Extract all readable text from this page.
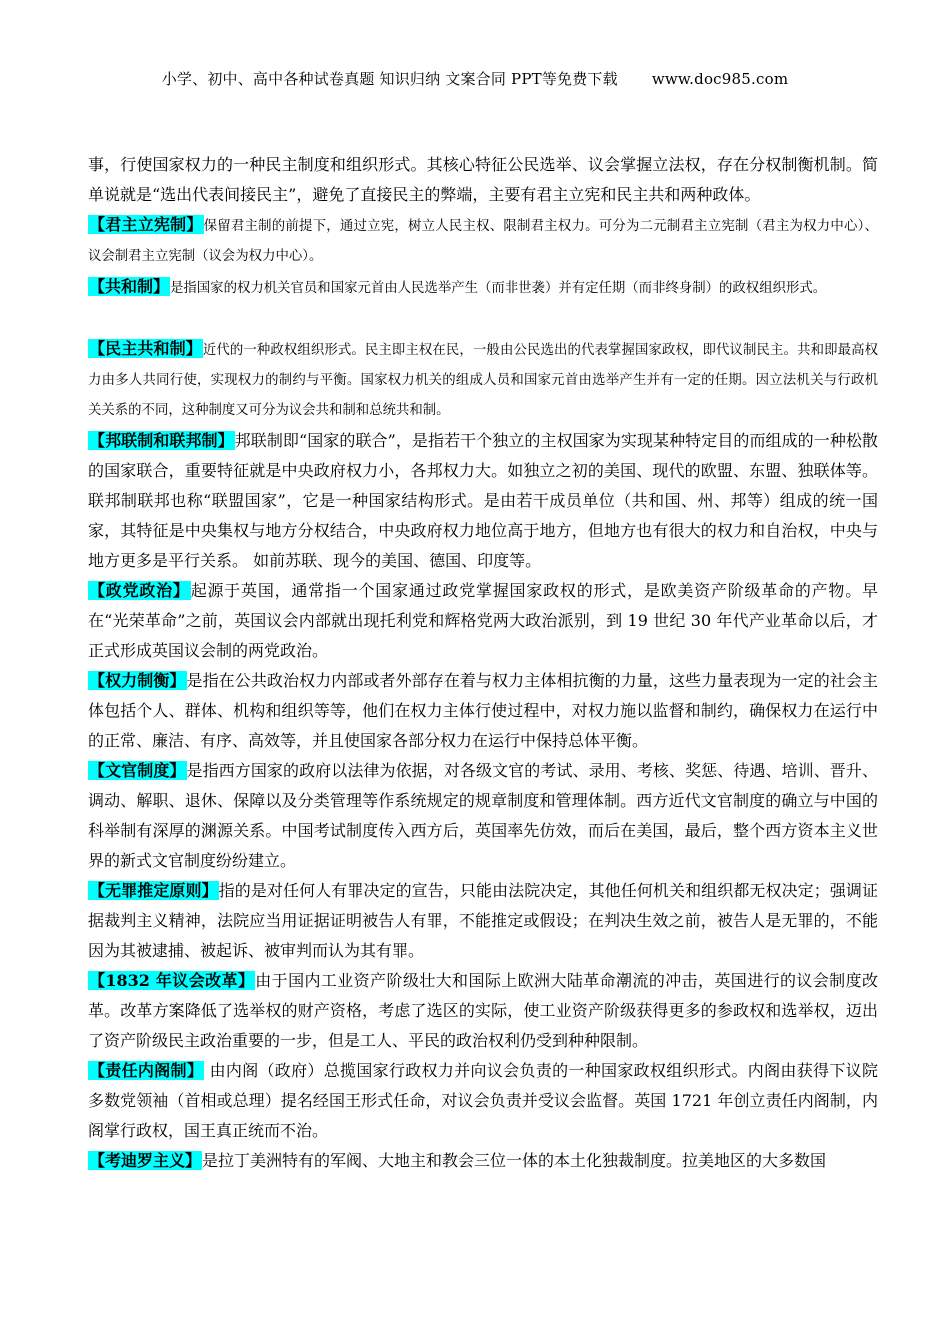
小学、初中、高中各种试卷真题 知识归纳 文案合同 PPT等免费下载 www.doc985.com

事，行使国家权力的一种民主制度和组织形式。其核心特征公民选举、议会掌握立法权，存在分权制衡机制。简单说就是“选出代表间接民主”，避免了直接民主的弊端，主要有君主立宪和民主共和两种政体。

【君主立宪制】保留君主制的前提下，通过立宪，树立人民主权、限制君主权力。可分为二元制君主立宪制（君主为权力中心）、议会制君主立宪制（议会为权力中心）。

【共和制】是指国家的权力机关官员和国家元首由人民选举产生（而非世袭）并有定任期（而非终身制）的政权组织形式。

【民主共和制】近代的一种政权组织形式。民主即主权在民，一般由公民选出的代表掌握国家政权，即代议制民主。共和即最高权力由多人共同行使，实现权力的制约与平衡。国家权力机关的组成人员和国家元首由选举产生并有一定的任期。因立法机关与行政机关关系的不同，这种制度又可分为议会共和制和总统共和制。

【邦联制和联邦制】邦联制即“国家的联合”，是指若干个独立的主权国家为实现某种特定目的而组成的一种松散的国家联合，重要特征就是中央政府权力小，各邦权力大。如独立之初的美国、现代的欧盟、东盟、独联体等。联邦制联邦也称“联盟国家”，它是一种国家结构形式。是由若干成员单位（共和国、州、邦等）组成的统一国家，其特征是中央集权与地方分权结合，中央政府权力地位高于地方，但地方也有很大的权力和自治权，中央与地方更多是平行关系。 如前苏联、现今的美国、德国、印度等。

【政党政治】起源于英国，通常指一个国家通过政党掌握国家政权的形式，是欧美资产阶级革命的产物。早在“光荣革命”之前，英国议会内部就出现托利党和辉格党两大政治派别，到 19 世纪 30 年代产业革命以后，才正式形成英国议会制的两党政治。

【权力制衡】是指在公共政治权力内部或者外部存在着与权力主体相抗衡的力量，这些力量表现为一定的社会主体包括个人、群体、机构和组织等等，他们在权力主体行使过程中，对权力施以监督和制约，确保权力在运行中的正常、廉洁、有序、高效等，并且使国家各部分权力在运行中保持总体平衡。

【文官制度】是指西方国家的政府以法律为依据，对各级文官的考试、录用、考核、奖惩、待遇、培训、晋升、调动、解职、退休、保障以及分类管理等作系统规定的规章制度和管理体制。西方近代文官制度的确立与中国的科举制有深厚的渊源关系。中国考试制度传入西方后，英国率先仿效，而后在美国，最后，整个西方资本主义世界的新式文官制度纷纷建立。

【无罪推定原则】指的是对任何人有罪决定的宣告，只能由法院决定，其他任何机关和组织都无权决定；强调证据裁判主义精神，法院应当用证据证明被告人有罪，不能推定或假设；在判决生效之前，被告人是无罪的，不能因为其被逮捕、被起诉、被审判而认为其有罪。

【1832 年议会改革】由于国内工业资产阶级壮大和国际上欧洲大陆革命潮流的冲击，英国进行的议会制度改革。改革方案降低了选举权的财产资格，考虑了选区的实际，使工业资产阶级获得更多的参政权和选举权，迈出了资产阶级民主政治重要的一步，但是工人、平民的政治权利仍受到种种限制。

【责任内阁制】 由内阁（政府）总揽国家行政权力并向议会负责的一种国家政权组织形式。内阁由获得下议院多数党领袖（首相或总理）提名经国王形式任命，对议会负责并受议会监督。英国 1721 年创立责任内阁制，内阁掌行政权，国王真正统而不治。

【考迪罗主义】是拉丁美洲特有的军阀、大地主和教会三位一体的本土化独裁制度。拉美地区的大多数国
